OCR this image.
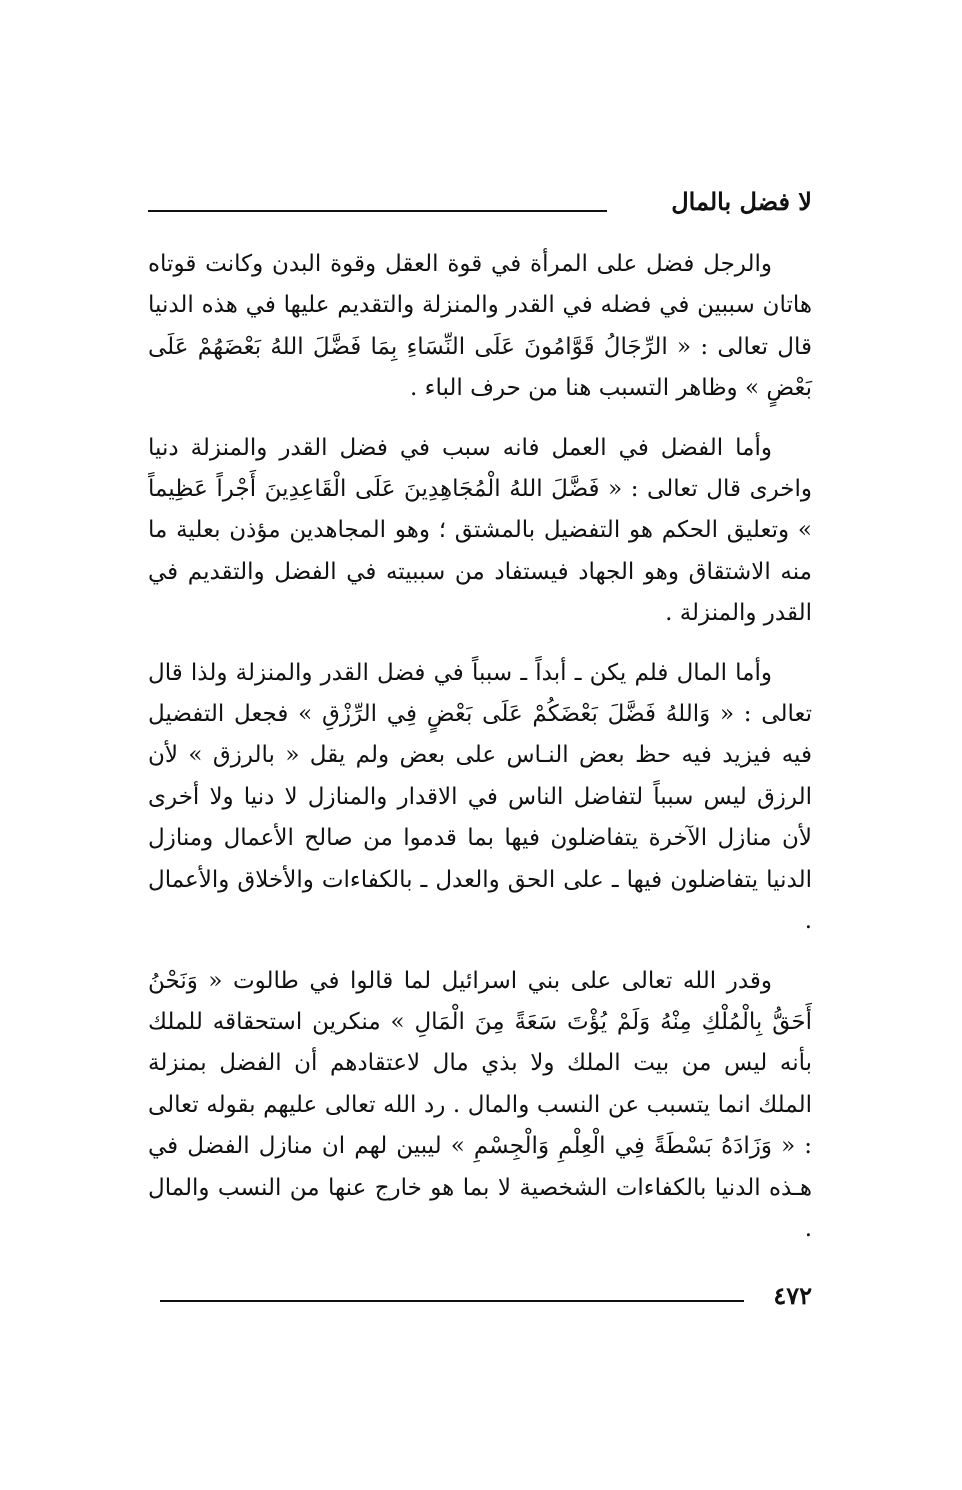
لا فضل بالمال

والرجل فضل على المرأة في قوة العقل وقوة البدن وكانت قوتاه هاتان سببين في فضله في القدر والمنزلة والتقديم عليها في هذه الدنيا قال تعالى : « الرِّجَالُ قَوَّامُونَ عَلَى النِّسَاءِ بِمَا فَضَّلَ اللهُ بَعْضَهُمْ عَلَى بَعْضٍ » وظاهر التسبب هنا من حرف الباء .

وأما الفضل في العمل فانه سبب في فضل القدر والمنزلة دنيا واخرى قال تعالى : « فَضَّلَ اللهُ الْمُجَاهِدِينَ عَلَى الْقَاعِدِينَ أَجْراً عَظِيماً » وتعليق الحكم هو التفضيل بالمشتق ؛ وهو المجاهدين مؤذن بعلية ما منه الاشتقاق وهو الجهاد فيستفاد من سببيته في الفضل والتقديم في القدر والمنزلة .

وأما المال فلم يكن ـ أبداً ـ سبباً في فضل القدر والمنزلة ولذا قال تعالى : « وَاللهُ فَضَّلَ بَعْضَكُمْ عَلَى بَعْضٍ فِي الرِّزْقِ » فجعل التفضيل فيه فيزيد فيه حظ بعض النـاس على بعض ولم يقل « بالرزق » لأن الرزق ليس سبباً لتفاضل الناس في الاقدار والمنازل لا دنيا ولا أخرى لأن منازل الآخرة يتفاضلون فيها بما قدموا من صالح الأعمال ومنازل الدنيا يتفاضلون فيها ـ على الحق والعدل ـ بالكفاءات والأخلاق والأعمال .

وقدر الله تعالى على بني اسرائيل لما قالوا في طالوت « وَنَحْنُ أَحَقُّ بِالْمُلْكِ مِنْهُ وَلَمْ يُؤْتَ سَعَةً مِنَ الْمَالِ » منكرين استحقاقه للملك بأنه ليس من بيت الملك ولا بذي مال لاعتقادهم أن الفضل بمنزلة الملك انما يتسبب عن النسب والمال . رد الله تعالى عليهم بقوله تعالى : « وَزَادَهُ بَسْطَةً فِي الْعِلْمِ وَالْجِسْمِ » ليبين لهم ان منازل الفضل في هـذه الدنيا بالكفاءات الشخصية لا بما هو خارج عنها من النسب والمال .

٤٧٢
